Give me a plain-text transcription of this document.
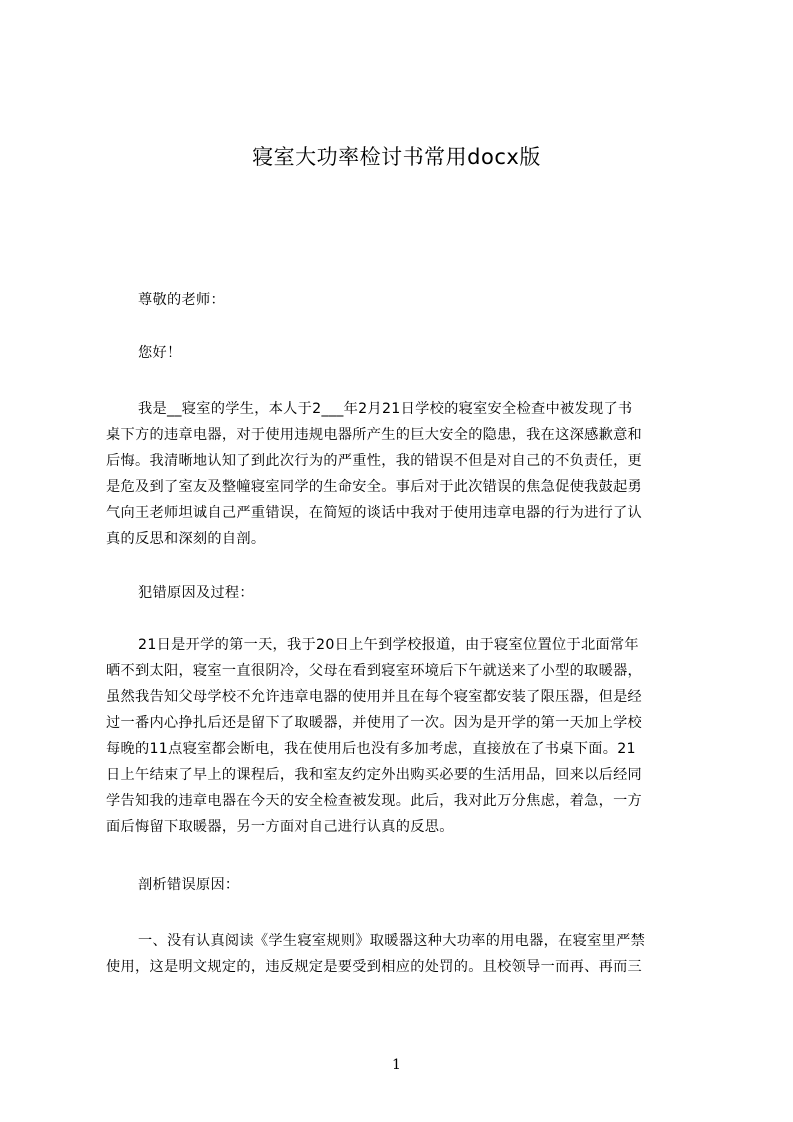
寝室大功率检讨书常用docx版
尊敬的老师：
您好！
我是__寝室的学生，本人于2___年2月21日学校的寝室安全检查中被发现了书
桌下方的违章电器，对于使用违规电器所产生的巨大安全的隐患，我在这深感歉意和
后悔。我清晰地认知了到此次行为的严重性，我的错误不但是对自己的不负责任，更
是危及到了室友及整幢寝室同学的生命安全。事后对于此次错误的焦急促使我鼓起勇
气向王老师坦诚自己严重错误，在简短的谈话中我对于使用违章电器的行为进行了认
真的反思和深刻的自剖。
犯错原因及过程：
21日是开学的第一天，我于20日上午到学校报道，由于寝室位置位于北面常年
晒不到太阳，寝室一直很阴冷，父母在看到寝室环境后下午就送来了小型的取暖器，
虽然我告知父母学校不允许违章电器的使用并且在每个寝室都安装了限压器，但是经
过一番内心挣扎后还是留下了取暖器，并使用了一次。因为是开学的第一天加上学校
每晚的11点寝室都会断电，我在使用后也没有多加考虑，直接放在了书桌下面。21
日上午结束了早上的课程后，我和室友约定外出购买必要的生活用品，回来以后经同
学告知我的违章电器在今天的安全检查被发现。此后，我对此万分焦虑，着急，一方
面后悔留下取暖器，另一方面对自己进行认真的反思。
剖析错误原因：
一、没有认真阅读《学生寝室规则》取暖器这种大功率的用电器，在寝室里严禁
使用，这是明文规定的，违反规定是要受到相应的处罚的。且校领导一而再、再而三
1
